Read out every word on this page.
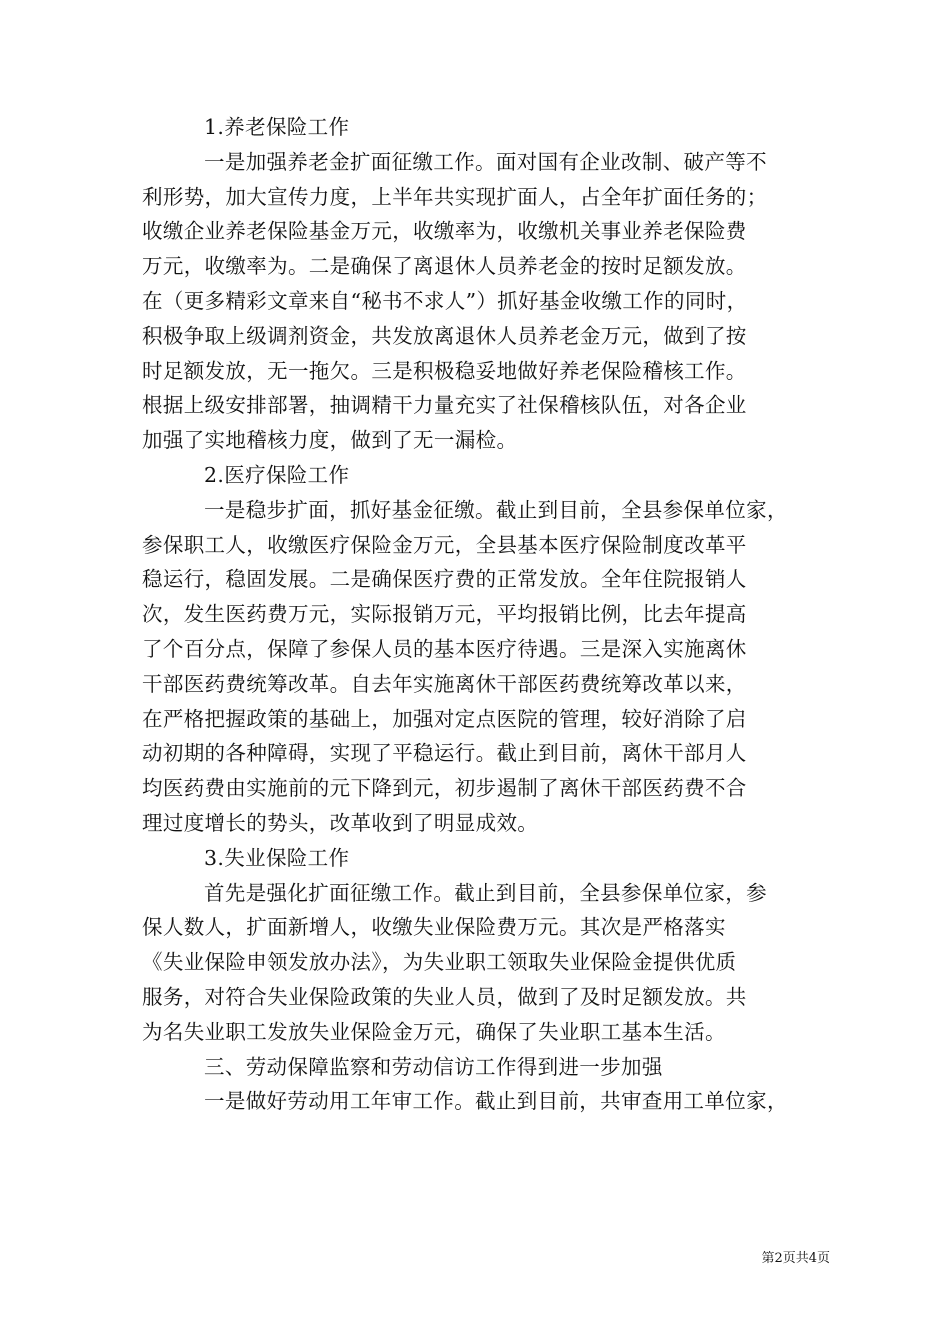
1.养老保险工作
一是加强养老金扩面征缴工作。面对国有企业改制、破产等不
利形势，加大宣传力度，上半年共实现扩面人，占全年扩面任务的；
收缴企业养老保险基金万元，收缴率为，收缴机关事业养老保险费
万元，收缴率为。二是确保了离退休人员养老金的按时足额发放。
在（更多精彩文章来自“秘书不求人”）抓好基金收缴工作的同时，
积极争取上级调剂资金，共发放离退休人员养老金万元，做到了按
时足额发放，无一拖欠。三是积极稳妥地做好养老保险稽核工作。
根据上级安排部署，抽调精干力量充实了社保稽核队伍，对各企业
加强了实地稽核力度，做到了无一漏检。
2.医疗保险工作
一是稳步扩面，抓好基金征缴。截止到目前，全县参保单位家，
参保职工人，收缴医疗保险金万元，全县基本医疗保险制度改革平
稳运行，稳固发展。二是确保医疗费的正常发放。全年住院报销人
次，发生医药费万元，实际报销万元，平均报销比例，比去年提高
了个百分点，保障了参保人员的基本医疗待遇。三是深入实施离休
干部医药费统筹改革。自去年实施离休干部医药费统筹改革以来，
在严格把握政策的基础上，加强对定点医院的管理，较好消除了启
动初期的各种障碍，实现了平稳运行。截止到目前，离休干部月人
均医药费由实施前的元下降到元，初步遏制了离休干部医药费不合
理过度增长的势头，改革收到了明显成效。
3.失业保险工作
首先是强化扩面征缴工作。截止到目前，全县参保单位家，参
保人数人，扩面新增人，收缴失业保险费万元。其次是严格落实
《失业保险申领发放办法》，为失业职工领取失业保险金提供优质
服务，对符合失业保险政策的失业人员，做到了及时足额发放。共
为名失业职工发放失业保险金万元，确保了失业职工基本生活。
三、劳动保障监察和劳动信访工作得到进一步加强
一是做好劳动用工年审工作。截止到目前，共审查用工单位家，
第2页共4页
